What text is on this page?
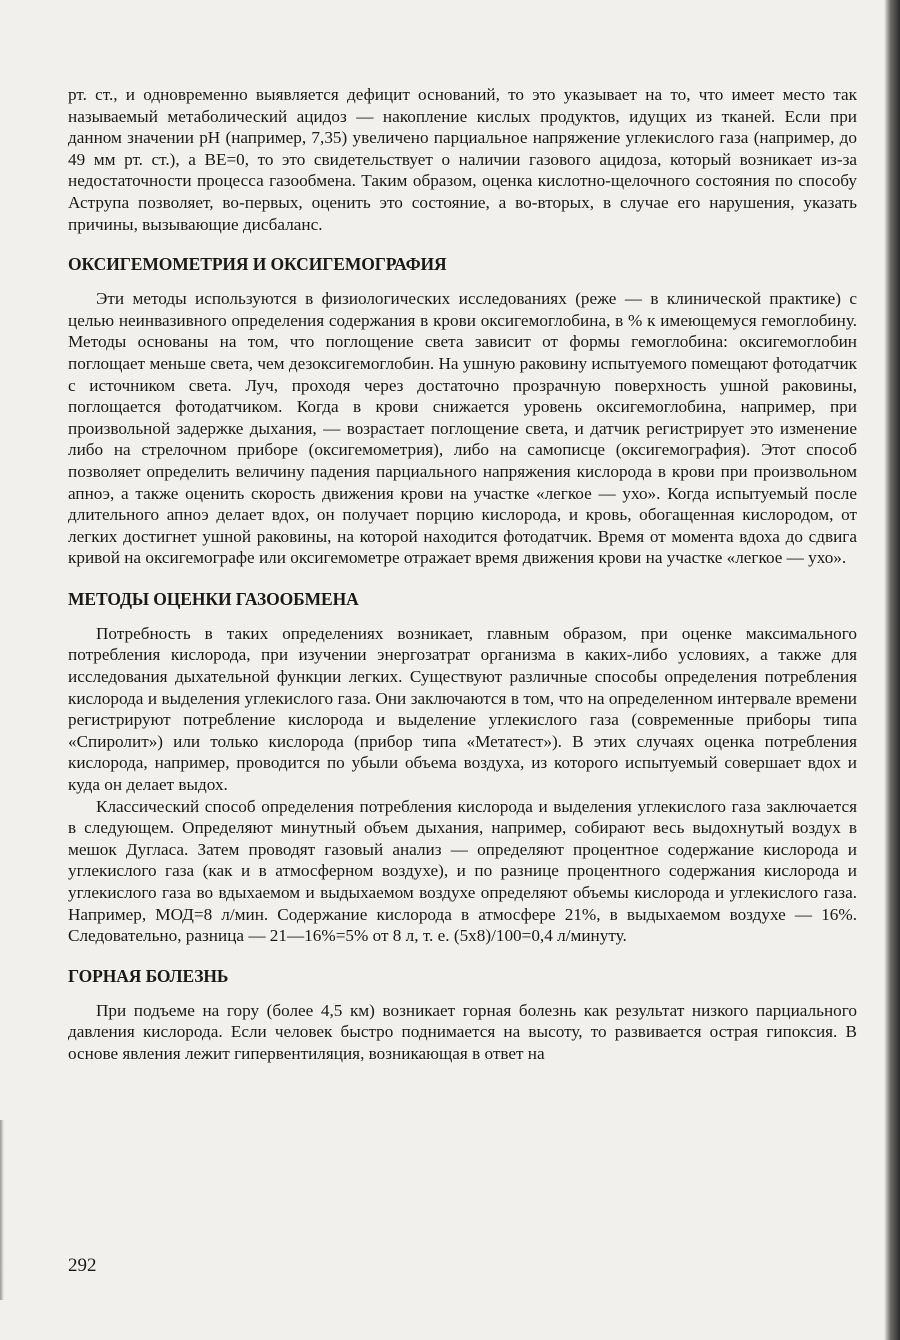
рт. ст., и одновременно выявляется дефицит оснований, то это указывает на то, что имеет место так называемый метаболический ацидоз — накопление кислых продуктов, идущих из тканей. Если при данном значении pH (например, 7,35) увеличено парциальное напряжение углекислого газа (например, до 49 мм рт. ст.), а BE=0, то это свидетельствует о наличии газового ацидоза, который возникает из-за недостаточности процесса газообмена. Таким образом, оценка кислотно-щелочного состояния по способу Аструпа позволяет, во-первых, оценить это состояние, а во-вторых, в случае его нарушения, указать причины, вызывающие дисбаланс.

ОКСИГЕМОМЕТРИЯ И ОКСИГЕМОГРАФИЯ

Эти методы используются в физиологических исследованиях (реже — в клинической практике) с целью неинвазивного определения содержания в крови оксигемоглобина, в % к имеющемуся гемоглобину. Методы основаны на том, что поглощение света зависит от формы гемоглобина: оксигемоглобин поглощает меньше света, чем дезоксигемоглобин. На ушную раковину испытуемого помещают фотодатчик с источником света. Луч, проходя через достаточно прозрачную поверхность ушной раковины, поглощается фотодатчиком. Когда в крови снижается уровень оксигемоглобина, например, при произвольной задержке дыхания, — возрастает поглощение света, и датчик регистрирует это изменение либо на стрелочном приборе (оксигемометрия), либо на самописце (оксигемография). Этот способ позволяет определить величину падения парциального напряжения кислорода в крови при произвольном апноэ, а также оценить скорость движения крови на участке «легкое — ухо». Когда испытуемый после длительного апноэ делает вдох, он получает порцию кислорода, и кровь, обогащенная кислородом, от легких достигнет ушной раковины, на которой находится фотодатчик. Время от момента вдоха до сдвига кривой на оксигемографе или оксигемометре отражает время движения крови на участке «легкое — ухо».

МЕТОДЫ ОЦЕНКИ ГАЗООБМЕНА

Потребность в таких определениях возникает, главным образом, при оценке максимального потребления кислорода, при изучении энергозатрат организма в каких-либо условиях, а также для исследования дыхательной функции легких. Существуют различные способы определения потребления кислорода и выделения углекислого газа. Они заключаются в том, что на определенном интервале времени регистрируют потребление кислорода и выделение углекислого газа (современные приборы типа «Спиролит») или только кислорода (прибор типа «Метатест»). В этих случаях оценка потребления кислорода, например, проводится по убыли объема воздуха, из которого испытуемый совершает вдох и куда он делает выдох.

Классический способ определения потребления кислорода и выделения углекислого газа заключается в следующем. Определяют минутный объем дыхания, например, собирают весь выдохнутый воздух в мешок Дугласа. Затем проводят газовый анализ — определяют процентное содержание кислорода и углекислого газа (как и в атмосферном воздухе), и по разнице процентного содержания кислорода и углекислого газа во вдыхаемом и выдыхаемом воздухе определяют объемы кислорода и углекислого газа. Например, МОД=8 л/мин. Содержание кислорода в атмосфере 21%, в выдыхаемом воздухе — 16%. Следовательно, разница — 21—16%=5% от 8 л, т. е. (5x8)/100=0,4 л/минуту.

ГОРНАЯ БОЛЕЗНЬ

При подъеме на гору (более 4,5 км) возникает горная болезнь как результат низкого парциального давления кислорода. Если человек быстро поднимается на высоту, то развивается острая гипоксия. В основе явления лежит гипервентиляция, возникающая в ответ на

292
